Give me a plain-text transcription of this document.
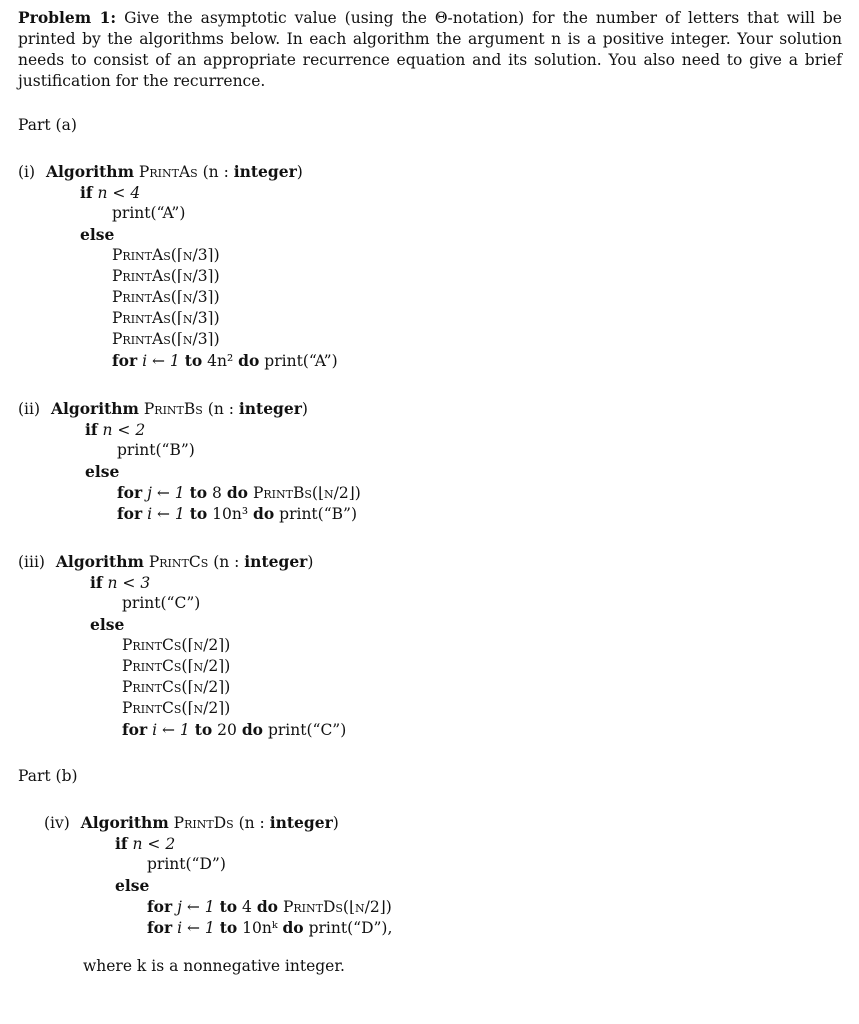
Problem 1: Give the asymptotic value (using the Θ-notation) for the number of letters that will be printed by the algorithms below. In each algorithm the argument n is a positive integer. Your solution needs to consist of an appropriate recurrence equation and its solution. You also need to give a brief justification for the recurrence.
Part (a)
(i) Algorithm PrintAs (n : integer)
if n < 4
print(“A”)
else
PrintAs(⌈n/3⌉)
PrintAs(⌈n/3⌉)
PrintAs(⌈n/3⌉)
PrintAs(⌈n/3⌉)
PrintAs(⌈n/3⌉)
for i ← 1 to 4n² do print(“A”)
(ii) Algorithm PrintBs (n : integer)
if n < 2
print(“B”)
else
for j ← 1 to 8 do PrintBs(⌊n/2⌋)
for i ← 1 to 10n³ do print(“B”)
(iii) Algorithm PrintCs (n : integer)
if n < 3
print(“C”)
else
PrintCs(⌈n/2⌉)
PrintCs(⌈n/2⌉)
PrintCs(⌈n/2⌉)
PrintCs(⌈n/2⌉)
for i ← 1 to 20 do print(“C”)
Part (b)
(iv) Algorithm PrintDs (n : integer)
if n < 2
print(“D”)
else
for j ← 1 to 4 do PrintDs(⌊n/2⌋)
for i ← 1 to 10nᵏ do print(“D”),
where k is a nonnegative integer.
